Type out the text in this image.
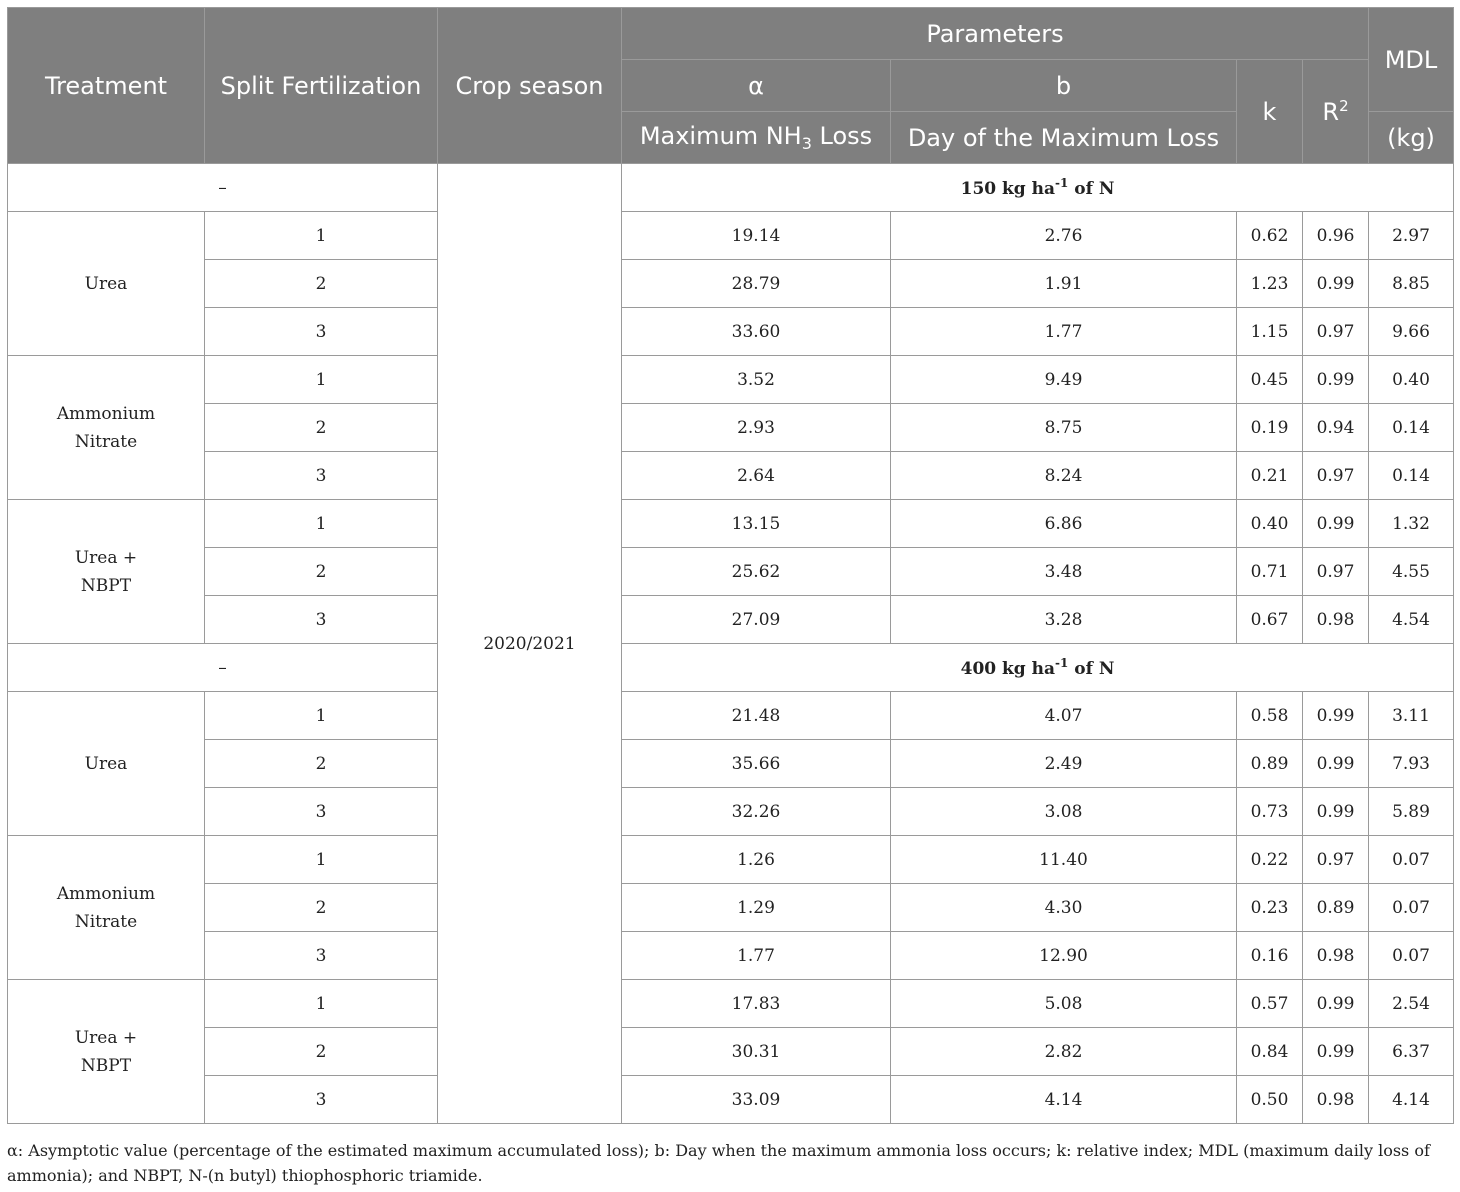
Treatment	Split Fertilization	Crop season	Parameters				MDL
			α	b	k	$R^2$
			Maximum $NH_3$ Loss	Day of the Maximum Loss			(kg)
–		2020/2021	150 kg $ha^{-1}$ of N				
Urea	1		19.14	2.76	0.62	0.96	2.97
	2		28.79	1.91	1.23	0.99	8.85
	3		33.60	1.77	1.15	0.97	9.66
Ammonium Nitrate	1		3.52	9.49	0.45	0.99	0.40
	2		2.93	8.75	0.19	0.94	0.14
	3		2.64	8.24	0.21	0.97	0.14
Urea + NBPT	1		13.15	6.86	0.40	0.99	1.32
	2		25.62	3.48	0.71	0.97	4.55
	3		27.09	3.28	0.67	0.98	4.54
–			400 kg $ha^{-1}$ of N				
Urea	1		21.48	4.07	0.58	0.99	3.11
	2		35.66	2.49	0.89	0.99	7.93
	3		32.26	3.08	0.73	0.99	5.89
Ammonium Nitrate	1		1.26	11.40	0.22	0.97	0.07
	2		1.29	4.30	0.23	0.89	0.07
	3		1.77	12.90	0.16	0.98	0.07
Urea + NBPT	1		17.83	5.08	0.57	0.99	2.54
	2		30.31	2.82	0.84	0.99	6.37
	3		33.09	4.14	0.50	0.98	4.14
α: Asymptotic value (percentage of the estimated maximum accumulated loss); b: Day when the maximum ammonia loss occurs; k: relative index; MDL (maximum daily loss of ammonia); and NBPT, N-(n butyl) thiophosphoric triamide.
